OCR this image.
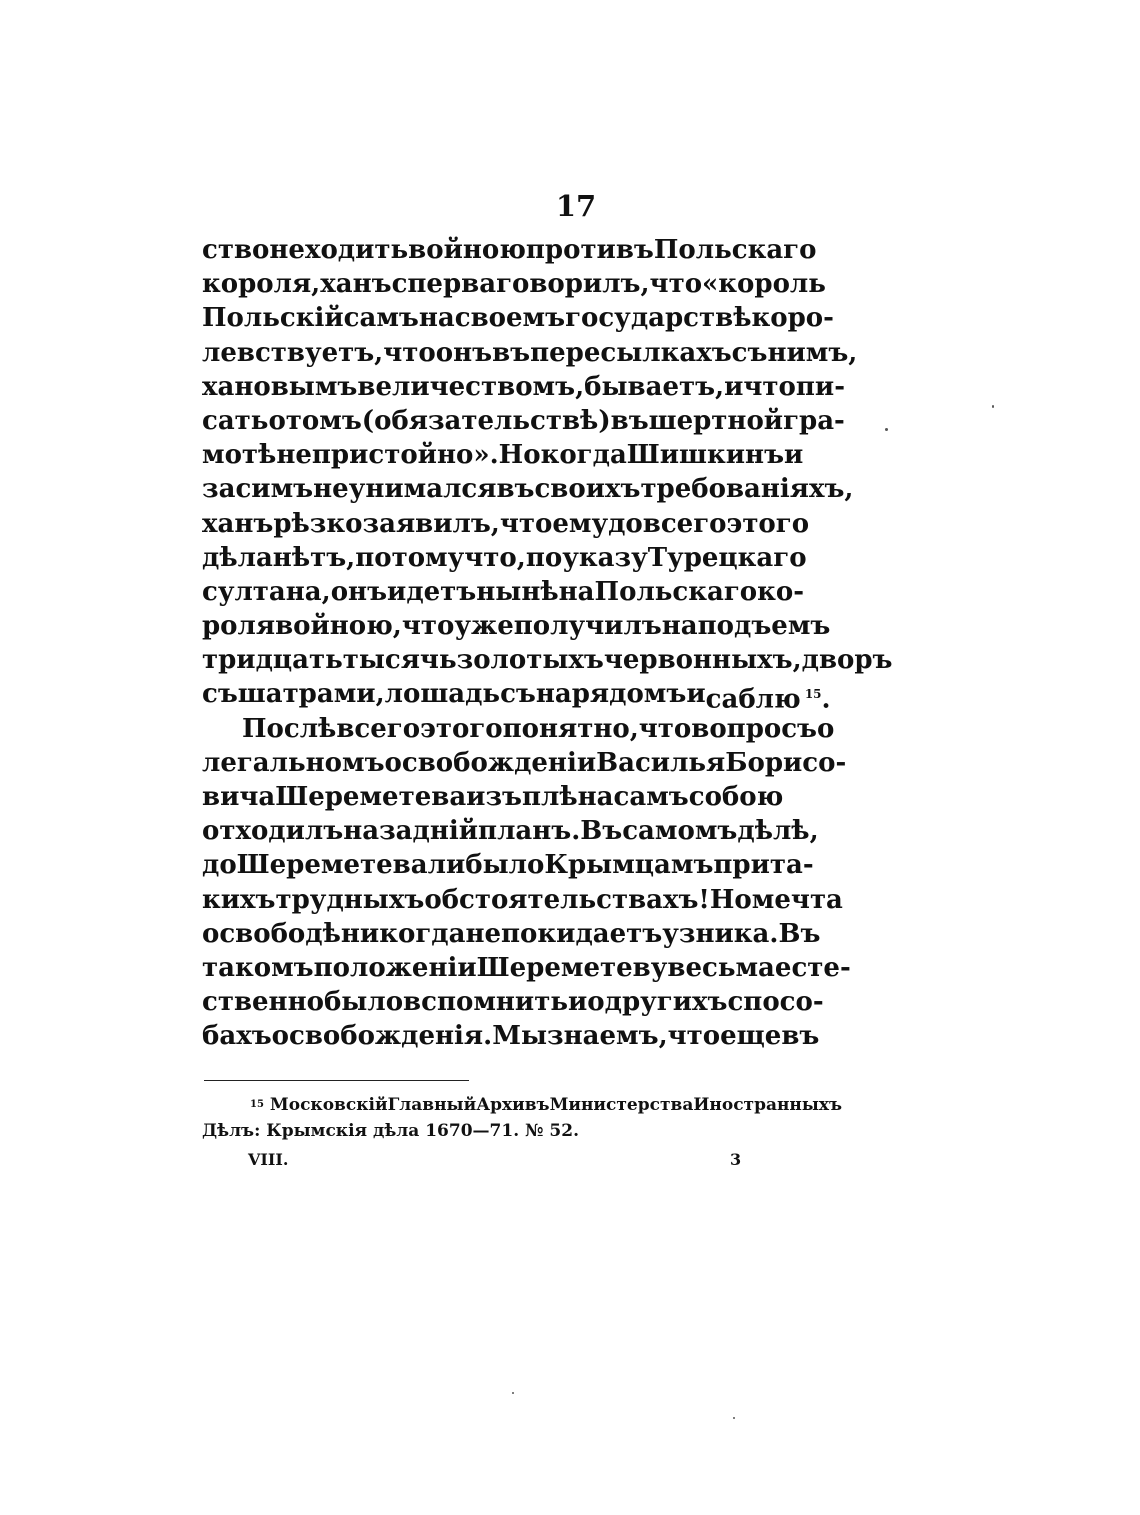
17
ство не ходить войною противъ Польскаго
короля, ханъ сперва говорилъ, что «король
Польскій самъ на своемъ государствѣ коро-
левствуетъ, что онъ въ пересылкахъ съ нимъ,
хановымъ величествомъ, бываетъ, и что пи-
сать о томъ (обязательствѣ) въ шертной гра-
мотѣ непристойно». Но когда Шишкинъ и
за симъ не унимался въ своихъ требованіяхъ,
ханъ рѣзко заявилъ, что ему до всего этого
дѣла нѣтъ, потому что, по указу Турецкаго
султана, онъ идетъ нынѣ на Польскаго ко-
роля войною, что уже получилъ на подъемъ
тридцать тысячь золотыхъ червонныхъ, дворъ
съ шатрами, лошадь съ нарядомъ и саблю $^{15}$.
Послѣ всего этого понятно, что вопросъ о
легальномъ освобожденіи Василья Борисо-
вича Шереметева изъ плѣна самъ собою
отходилъ на задній планъ. Въ самомъ дѣлѣ,
до Шереметева ли было Крымцамъ при та-
кихъ трудныхъ обстоятельствахъ! Но мечта
о свободѣ никогда не покидаетъ узника. Въ
такомъ положеніи Шереметеву весьма есте-
ственно было вспомнить и о другихъ спосо-
бахъ освобожденія. Мы знаемъ, что еще въ
15 Московскій Главный Архивъ Министерства Иностранныхъ
Дѣлъ: Крымскія дѣла 1670—71. № 52.
VIII.	3
